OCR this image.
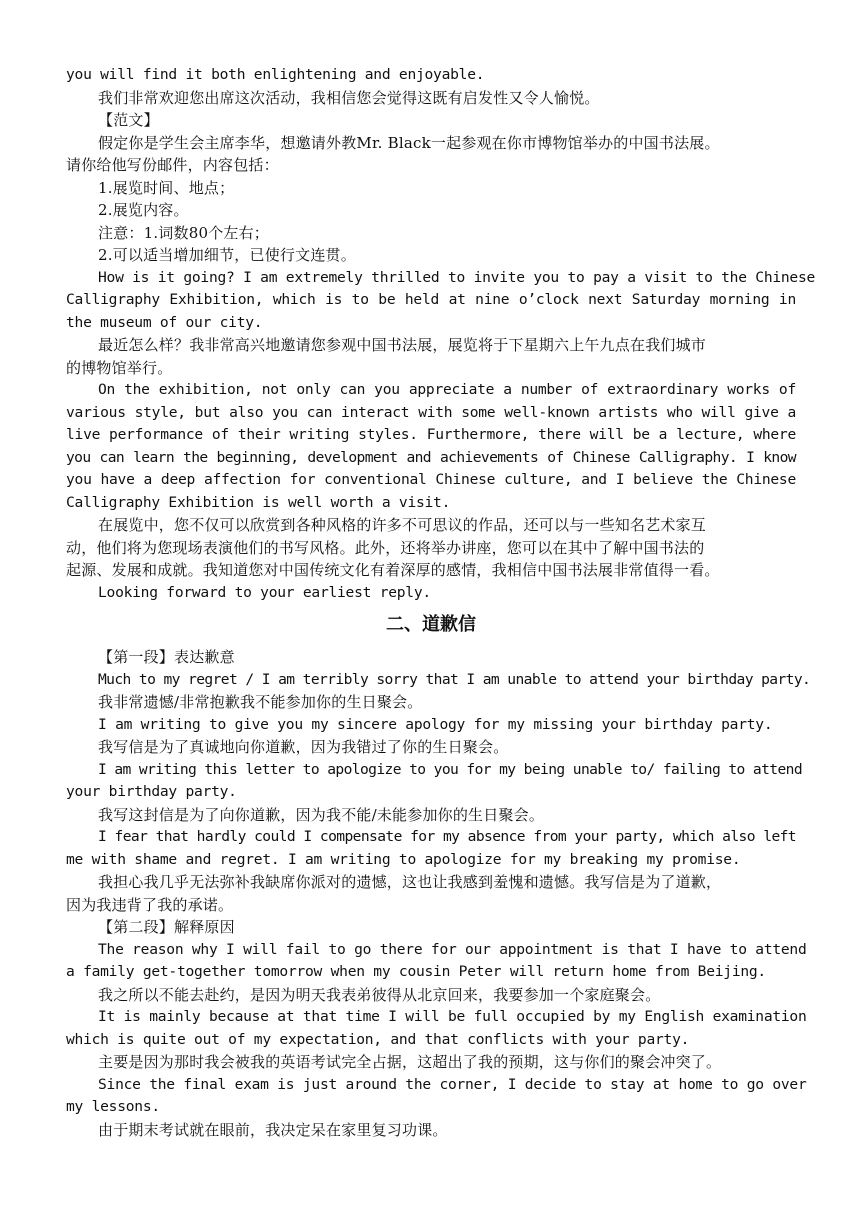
you will find it both enlightening and enjoyable.
我们非常欢迎您出席这次活动，我相信您会觉得这既有启发性又令人愉悦。
【范文】
假定你是学生会主席李华，想邀请外教Mr. Black一起参观在你市博物馆举办的中国书法展。
请你给他写份邮件，内容包括：
1.展览时间、地点；
2.展览内容。
注意：1.词数80个左右；
2.可以适当增加细节，已使行文连贯。
How is it going? I am extremely thrilled to invite you to pay a visit to the Chinese
Calligraphy Exhibition, which is to be held at nine o’clock next Saturday morning in
the museum of our city.
最近怎么样？我非常高兴地邀请您参观中国书法展，展览将于下星期六上午九点在我们城市
的博物馆举行。
On the exhibition, not only can you appreciate a number of extraordinary works of
various style, but also you can interact with some well-known artists who will give a
live performance of their writing styles. Furthermore, there will be a lecture, where
you can learn the beginning, development and achievements of Chinese Calligraphy. I know
you have a deep affection for conventional Chinese culture, and I believe the Chinese
Calligraphy Exhibition is well worth a visit.
在展览中，您不仅可以欣赏到各种风格的许多不可思议的作品，还可以与一些知名艺术家互
动，他们将为您现场表演他们的书写风格。此外，还将举办讲座，您可以在其中了解中国书法的
起源、发展和成就。我知道您对中国传统文化有着深厚的感情，我相信中国书法展非常值得一看。
Looking forward to your earliest reply.
二、道歉信
【第一段】表达歉意
Much to my regret / I am terribly sorry that I am unable to attend your birthday party.
我非常遗憾/非常抱歉我不能参加你的生日聚会。
I am writing to give you my sincere apology for my missing your birthday party.
我写信是为了真诚地向你道歉，因为我错过了你的生日聚会。
I am writing this letter to apologize to you for my being unable to/ failing to attend
your birthday party.
我写这封信是为了向你道歉，因为我不能/未能参加你的生日聚会。
I fear that hardly could I compensate for my absence from your party, which also left
me with shame and regret. I am writing to apologize for my breaking my promise.
我担心我几乎无法弥补我缺席你派对的遗憾，这也让我感到羞愧和遗憾。我写信是为了道歉，
因为我违背了我的承诺。
【第二段】解释原因
The reason why I will fail to go there for our appointment is that I have to attend
a family get-together tomorrow when my cousin Peter will return home from Beijing.
我之所以不能去赴约，是因为明天我表弟彼得从北京回来，我要参加一个家庭聚会。
It is mainly because at that time I will be full occupied by my English examination
which is quite out of my expectation, and that conflicts with your party.
主要是因为那时我会被我的英语考试完全占据，这超出了我的预期，这与你们的聚会冲突了。
Since the final exam is just around the corner, I decide to stay at home to go over
my lessons.
由于期末考试就在眼前，我决定呆在家里复习功课。
